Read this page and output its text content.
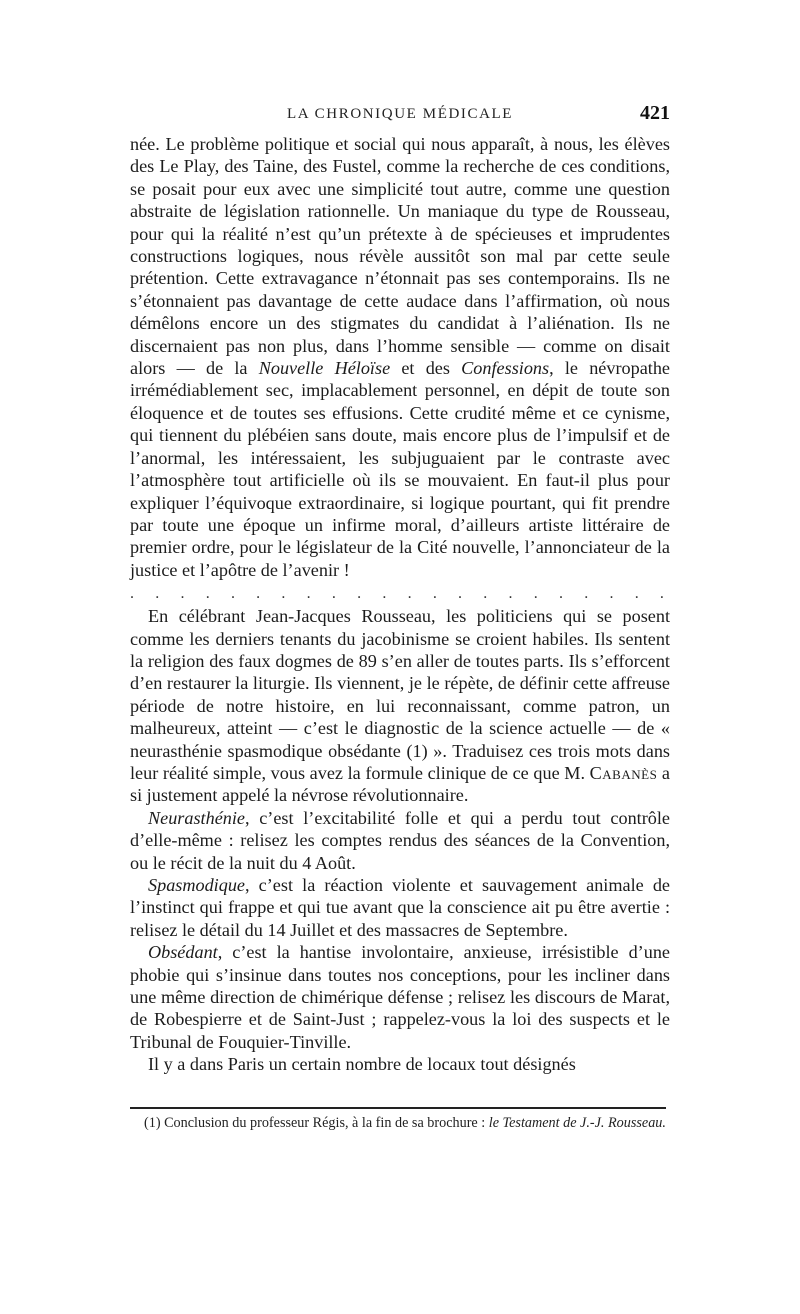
LA CHRONIQUE MÉDICALE	421

née. Le problème politique et social qui nous apparaît, à nous, les élèves des Le Play, des Taine, des Fustel, comme la recherche de ces conditions, se posait pour eux avec une simplicité tout autre, comme une question abstraite de législation rationnelle. Un maniaque du type de Rousseau, pour qui la réalité n’est qu’un prétexte à de spécieuses et imprudentes constructions logiques, nous révèle aussitôt son mal par cette seule prétention. Cette extravagance n’étonnait pas ses contemporains. Ils ne s’étonnaient pas davantage de cette audace dans l’affirmation, où nous démêlons encore un des stigmates du candidat à l’aliénation. Ils ne discernaient pas non plus, dans l’homme sensible — comme on disait alors — de la Nouvelle Héloïse et des Confessions, le névropathe irrémédiablement sec, implacablement personnel, en dépit de toute son éloquence et de toutes ses effusions. Cette crudité même et ce cynisme, qui tiennent du plébéien sans doute, mais encore plus de l’impulsif et de l’anormal, les intéressaient, les subjuguaient par le contraste avec l’atmosphère tout artificielle où ils se mouvaient. En faut-il plus pour expliquer l’équivoque extraordinaire, si logique pourtant, qui fit prendre par toute une époque un infirme moral, d’ailleurs artiste littéraire de premier ordre, pour le législateur de la Cité nouvelle, l’annonciateur de la justice et l’apôtre de l’avenir !

. . . . . . . . . . . . . . . . . . . . . .

En célébrant Jean-Jacques Rousseau, les politiciens qui se posent comme les derniers tenants du jacobinisme se croient habiles. Ils sentent la religion des faux dogmes de 89 s’en aller de toutes parts. Ils s’efforcent d’en restaurer la liturgie. Ils viennent, je le répète, de définir cette affreuse période de notre histoire, en lui reconnaissant, comme patron, un malheureux, atteint — c’est le diagnostic de la science actuelle — de « neurasthénie spasmodique obsédante (1) ». Traduisez ces trois mots dans leur réalité simple, vous avez la formule clinique de ce que M. Cabanès a si justement appelé la névrose révolutionnaire.

Neurasthénie, c’est l’excitabilité folle et qui a perdu tout contrôle d’elle-même : relisez les comptes rendus des séances de la Convention, ou le récit de la nuit du 4 Août.

Spasmodique, c’est la réaction violente et sauvagement animale de l’instinct qui frappe et qui tue avant que la conscience ait pu être avertie : relisez le détail du 14 Juillet et des massacres de Septembre.

Obsédant, c’est la hantise involontaire, anxieuse, irrésistible d’une phobie qui s’insinue dans toutes nos conceptions, pour les incliner dans une même direction de chimérique défense ; relisez les discours de Marat, de Robespierre et de Saint-Just ; rappelez-vous la loi des suspects et le Tribunal de Fouquier-Tinville.

Il y a dans Paris un certain nombre de locaux tout désignés

(1) Conclusion du professeur Régis, à la fin de sa brochure : le Testament de J.-J. Rousseau.
